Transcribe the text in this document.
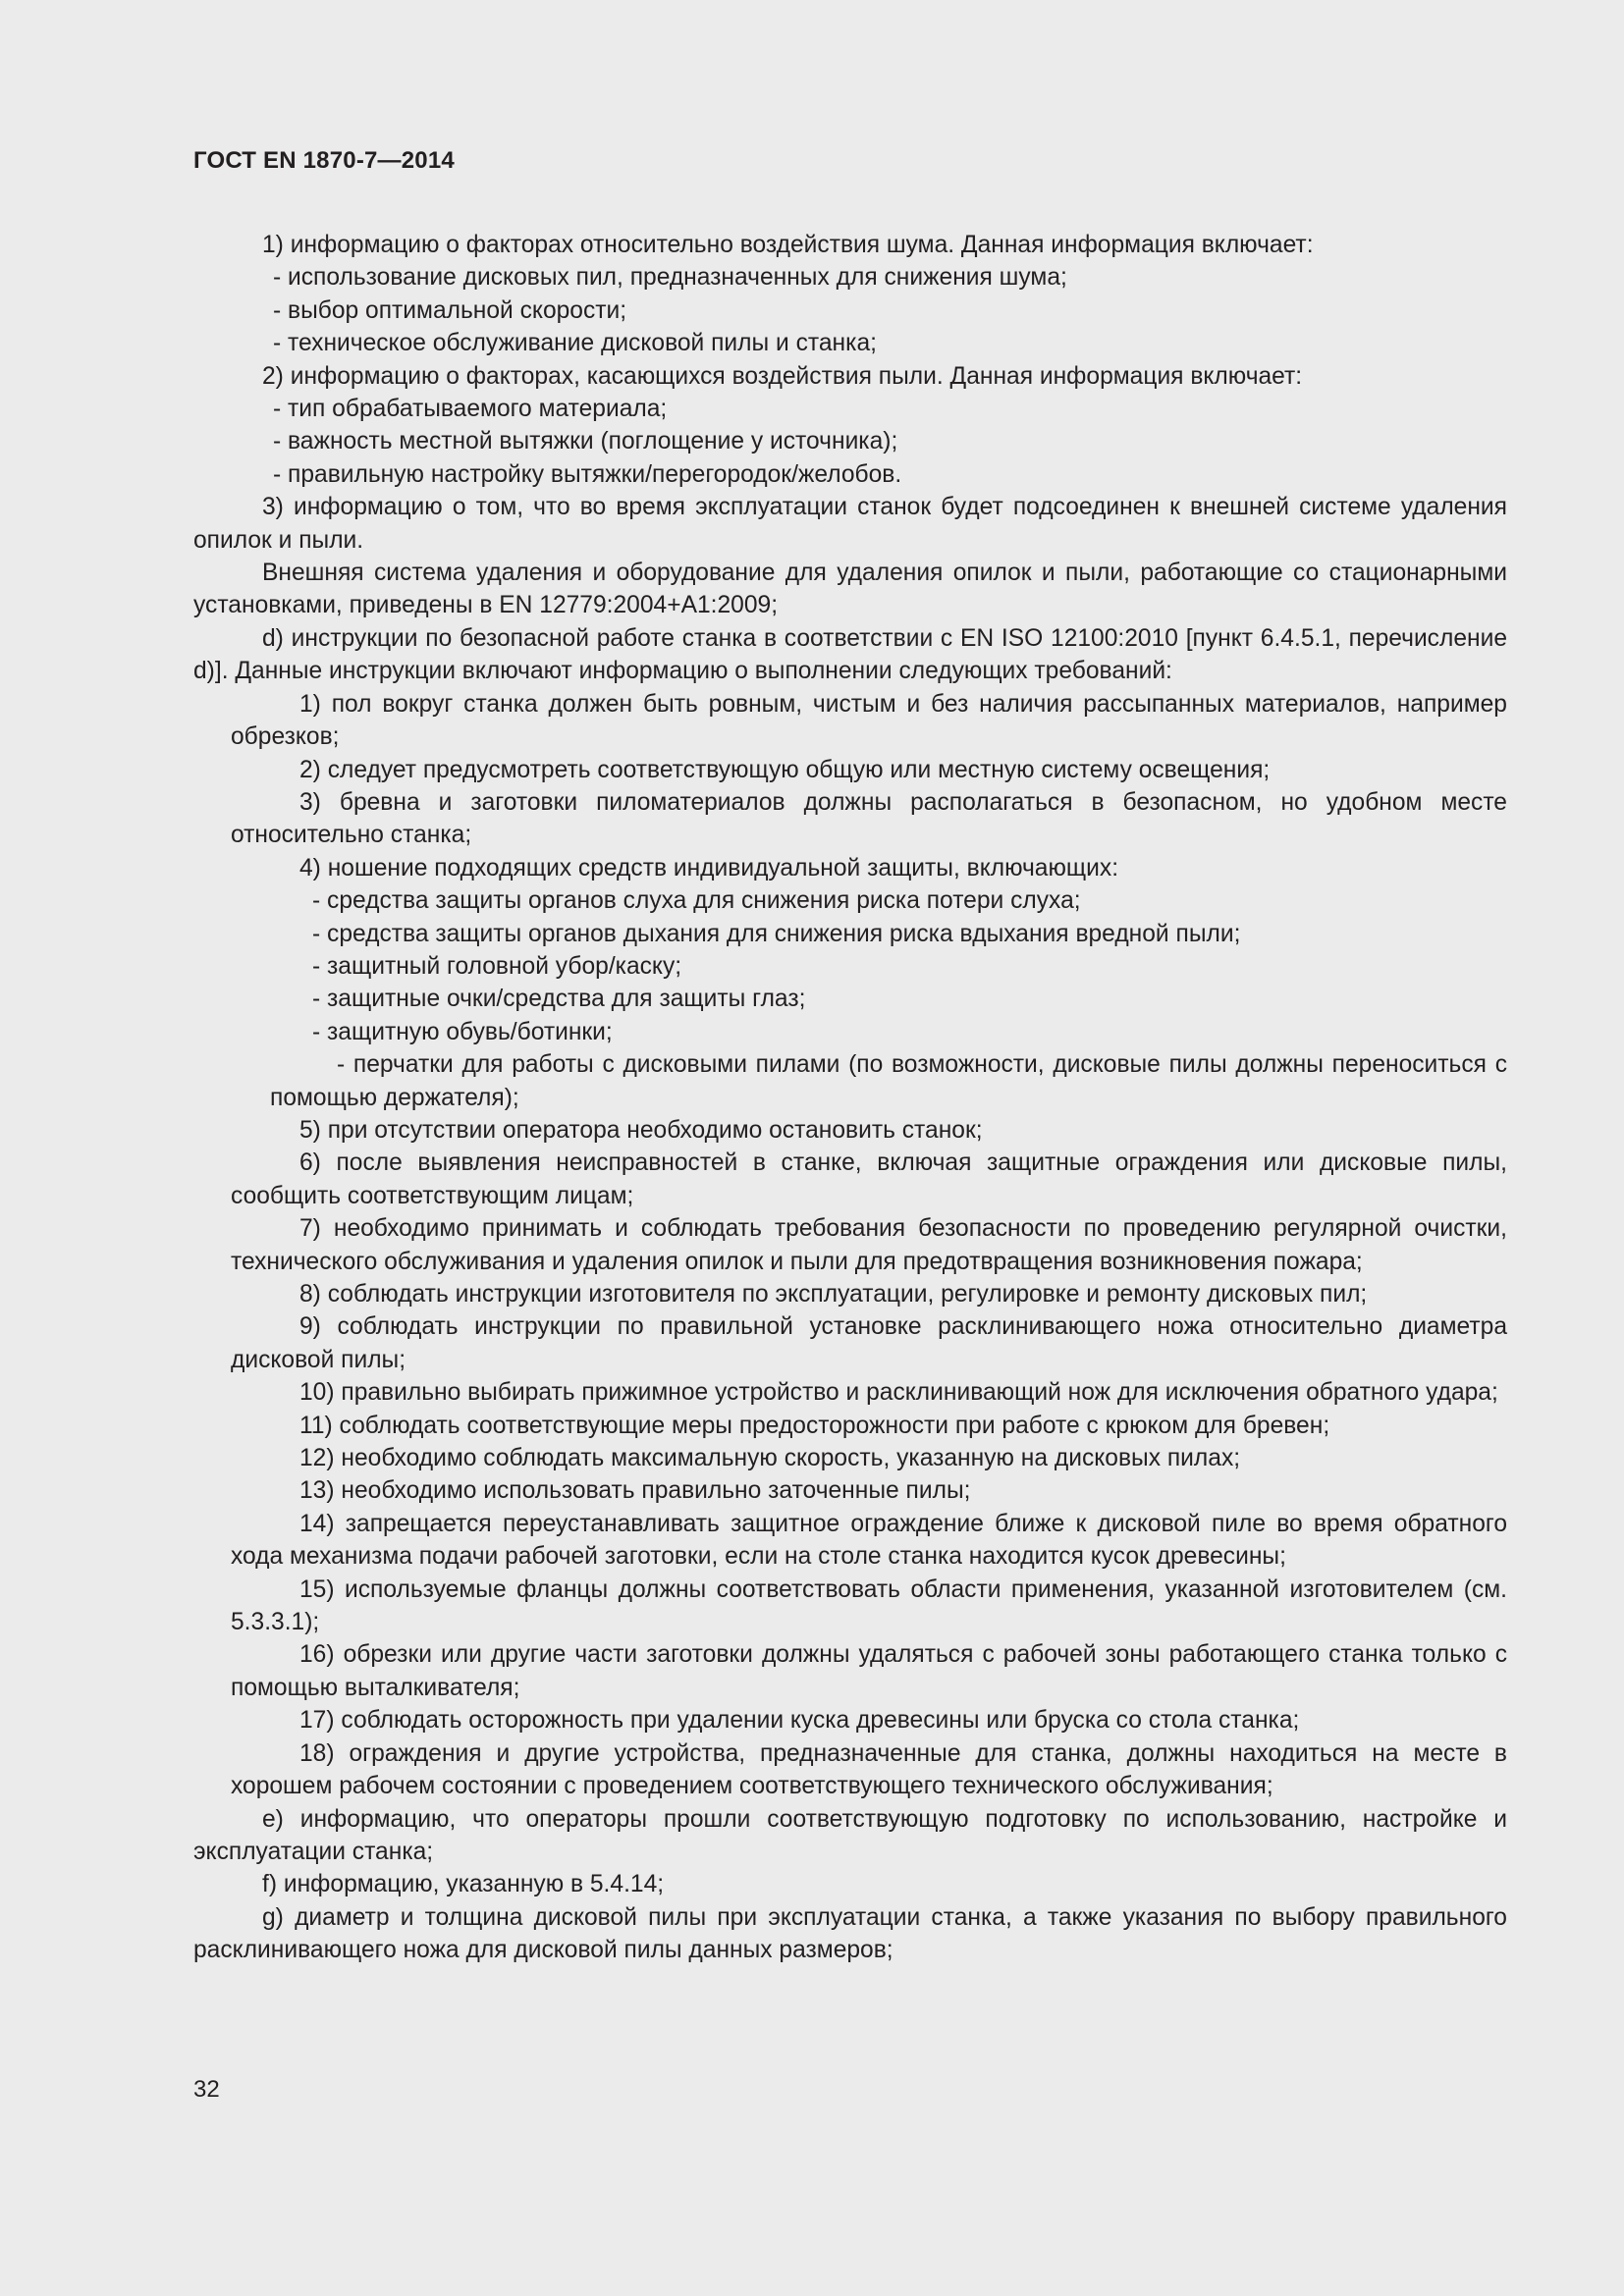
ГОСТ EN 1870-7—2014

1) информацию о факторах относительно воздействия шума. Данная информация включает:

- использование дисковых пил, предназначенных для снижения шума;

- выбор оптимальной скорости;

- техническое обслуживание дисковой пилы и станка;

2) информацию о факторах, касающихся воздействия пыли. Данная информация включает:

- тип обрабатываемого материала;

- важность местной вытяжки (поглощение у источника);

- правильную настройку вытяжки/перегородок/желобов.

3) информацию о том, что во время эксплуатации станок будет подсоединен к внешней системе удаления опилок и пыли.

Внешняя система удаления и оборудование для удаления опилок и пыли, работающие со стационарными установками, приведены в EN 12779:2004+A1:2009;

d) инструкции по безопасной работе станка в соответствии с EN ISO 12100:2010 [пункт 6.4.5.1, перечисление d)]. Данные инструкции включают информацию о выполнении следующих требований:

1) пол вокруг станка должен быть ровным, чистым и без наличия рассыпанных материалов, например обрезков;

2) следует предусмотреть соответствующую общую или местную систему освещения;

3) бревна и заготовки пиломатериалов должны располагаться в безопасном, но удобном месте относительно станка;

4) ношение подходящих средств индивидуальной защиты, включающих:

- средства защиты органов слуха для снижения риска потери слуха;

- средства защиты органов дыхания для снижения риска вдыхания вредной пыли;

- защитный головной убор/каску;

- защитные очки/средства для защиты глаз;

- защитную обувь/ботинки;

- перчатки для работы с дисковыми пилами (по возможности, дисковые пилы должны переноситься с помощью держателя);

5) при отсутствии оператора необходимо остановить станок;

6) после выявления неисправностей в станке, включая защитные ограждения или дисковые пилы, сообщить соответствующим лицам;

7) необходимо принимать и соблюдать требования безопасности по проведению регулярной очистки, технического обслуживания и удаления опилок и пыли для предотвращения возникновения пожара;

8) соблюдать инструкции изготовителя по эксплуатации, регулировке и ремонту дисковых пил;

9) соблюдать инструкции по правильной установке расклинивающего ножа относительно диаметра дисковой пилы;

10) правильно выбирать прижимное устройство и расклинивающий нож для исключения обратного удара;

11) соблюдать соответствующие меры предосторожности при работе с крюком для бревен;

12) необходимо соблюдать максимальную скорость, указанную на дисковых пилах;

13) необходимо использовать правильно заточенные пилы;

14) запрещается переустанавливать защитное ограждение ближе к дисковой пиле во время обратного хода механизма подачи рабочей заготовки, если на столе станка находится кусок древесины;

15) используемые фланцы должны соответствовать области применения, указанной изготовителем (см. 5.3.3.1);

16) обрезки или другие части заготовки должны удаляться с рабочей зоны работающего станка только с помощью выталкивателя;

17) соблюдать осторожность при удалении куска древесины или бруска со стола станка;

18) ограждения и другие устройства, предназначенные для станка, должны находиться на месте в хорошем рабочем состоянии с проведением соответствующего технического обслуживания;

e) информацию, что операторы прошли соответствующую подготовку по использованию, настройке и эксплуатации станка;

f) информацию, указанную в 5.4.14;

g) диаметр и толщина дисковой пилы при эксплуатации станка, а также указания по выбору правильного расклинивающего ножа для дисковой пилы данных размеров;

32
